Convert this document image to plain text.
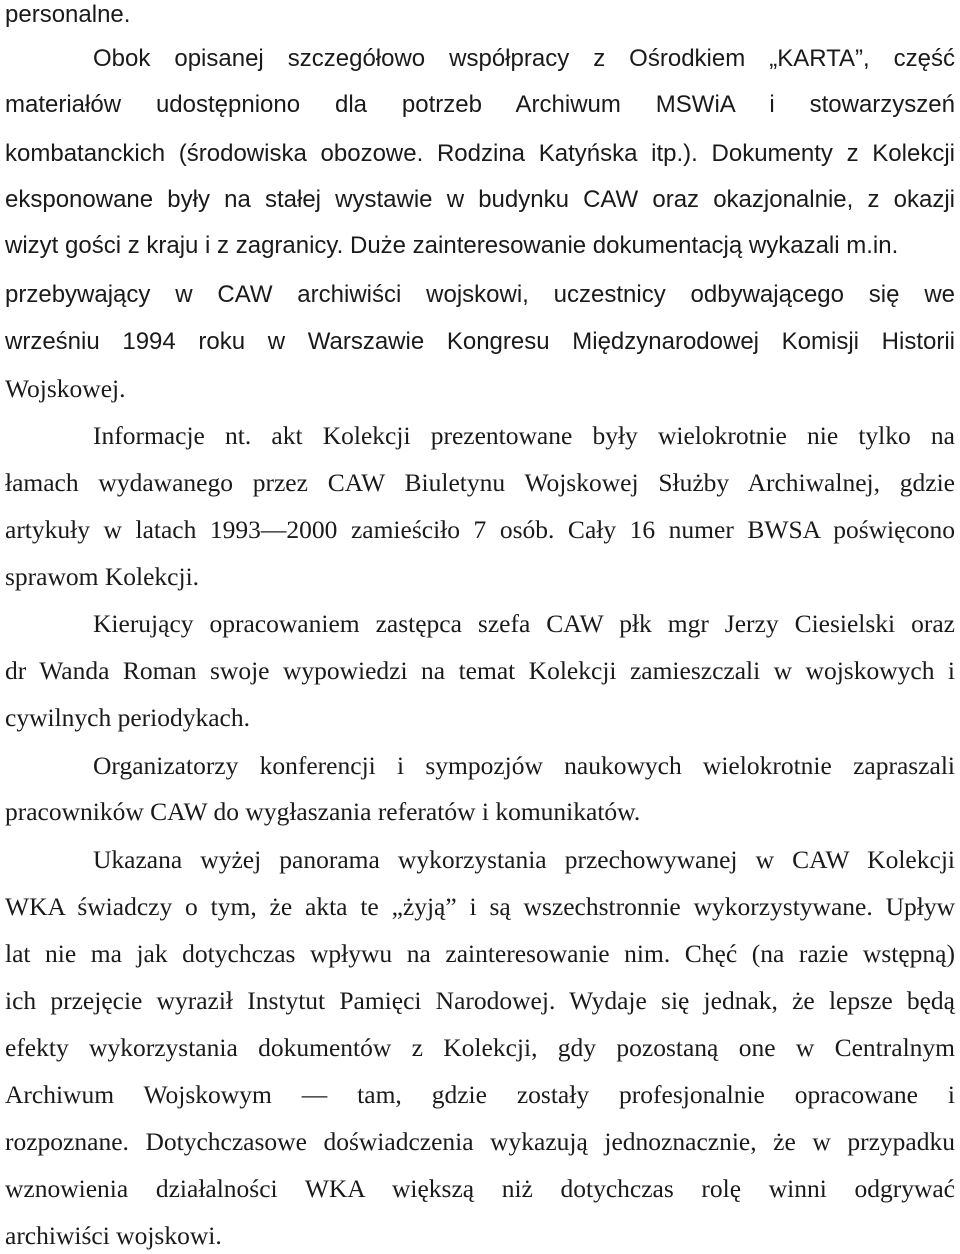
personalne.
Obok opisanej szczegółowo współpracy z Ośrodkiem „KARTA”, część
materiałów udostępniono dla potrzeb Archiwum MSWiA i stowarzyszeń
kombatanckich (środowiska obozowe. Rodzina Katyńska itp.). Dokumenty z Kolekcji
eksponowane były na stałej wystawie w budynku CAW oraz okazjonalnie, z okazji
wizyt gości z kraju i z zagranicy. Duże zainteresowanie dokumentacją wykazali m.in.
przebywający w CAW archiwiści wojskowi, uczestnicy odbywającego się we
wrześniu 1994 roku w Warszawie Kongresu Międzynarodowej Komisji Historii
Wojskowej.
Informacje nt. akt Kolekcji prezentowane były wielokrotnie nie tylko na
łamach wydawanego przez CAW Biuletynu Wojskowej Służby Archiwalnej, gdzie
artykuły w latach 1993—2000 zamieściło 7 osób. Cały 16 numer BWSA poświęcono
sprawom Kolekcji.
Kierujący opracowaniem zastępca szefa CAW płk mgr Jerzy Ciesielski oraz
dr Wanda Roman swoje wypowiedzi na temat Kolekcji zamieszczali w wojskowych i
cywilnych periodykach.
Organizatorzy konferencji i sympozjów naukowych wielokrotnie zapraszali
pracowników CAW do wygłaszania referatów i komunikatów.
Ukazana wyżej panorama wykorzystania przechowywanej w CAW Kolekcji
WKA świadczy o tym, że akta te „żyją” i są wszechstronnie wykorzystywane. Upływ
lat nie ma jak dotychczas wpływu na zainteresowanie nim. Chęć (na razie wstępną)
ich przejęcie wyraził Instytut Pamięci Narodowej. Wydaje się jednak, że lepsze będą
efekty wykorzystania dokumentów z Kolekcji, gdy pozostaną one w Centralnym
Archiwum Wojskowym — tam, gdzie zostały profesjonalnie opracowane i
rozpoznane. Dotychczasowe doświadczenia wykazują jednoznacznie, że w przypadku
wznowienia działalności WKA większą niż dotychczas rolę winni odgrywać
archiwiści wojskowi.
